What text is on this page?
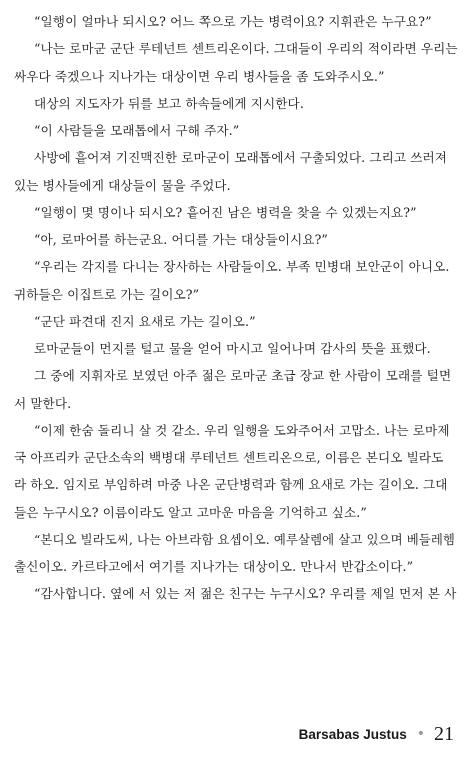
“일행이 얼마나 되시오? 어느 쪽으로 가는 병력이요? 지휘관은 누구요?”
“나는 로마군 군단 루테넌트 센트리온이다. 그대들이 우리의 적이라면 우리는
싸우다 죽겠으나 지나가는 대상이면 우리 병사들을 좀 도와주시오.”
대상의 지도자가 뒤를 보고 하속들에게 지시한다.
“이 사람들을 모래톱에서 구해 주자.”
사방에 흩어져 기진맥진한 로마군이 모래톱에서 구출되었다. 그리고 쓰러져
있는 병사들에게 대상들이 물을 주었다.
“일행이 몇 명이나 되시오? 흩어진 남은 병력을 찾을 수 있겠는지요?”
“아, 로마어를 하는군요. 어디를 가는 대상들이시요?”
“우리는 각지를 다니는 장사하는 사람들이오. 부족 민병대 보안군이 아니오.
귀하들은 이집트로 가는 길이오?”
“군단 파견대 진지 요새로 가는 길이오.”
로마군들이 먼지를 털고 물을 얻어 마시고 일어나며 감사의 뜻을 표했다.
그 중에 지휘자로 보였던 아주 젊은 로마군 초급 장교 한 사람이 모래를 털면
서 말한다.
“이제 한숨 돌리니 살 것 같소. 우리 일행을 도와주어서 고맙소. 나는 로마제
국 아프리카 군단소속의 백병대 루테넌트 센트리온으로, 이름은 본디오 빌라도
라 하오. 임지로 부임하려 마중 나온 군단병력과 함께 요새로 가는 길이오. 그대
들은 누구시오? 이름이라도 알고 고마운 마음을 기억하고 싶소.”
“본디오 빌라도씨, 나는 아브라함 요셉이오. 예루살렘에 살고 있으며 베들레헴
출신이오. 카르타고에서 여기를 지나가는 대상이오. 만나서 반갑소이다.”
“감사합니다. 옆에 서 있는 저 젊은 친구는 누구시오? 우리를 제일 먼저 본 사
Barsabas Justus • 21
